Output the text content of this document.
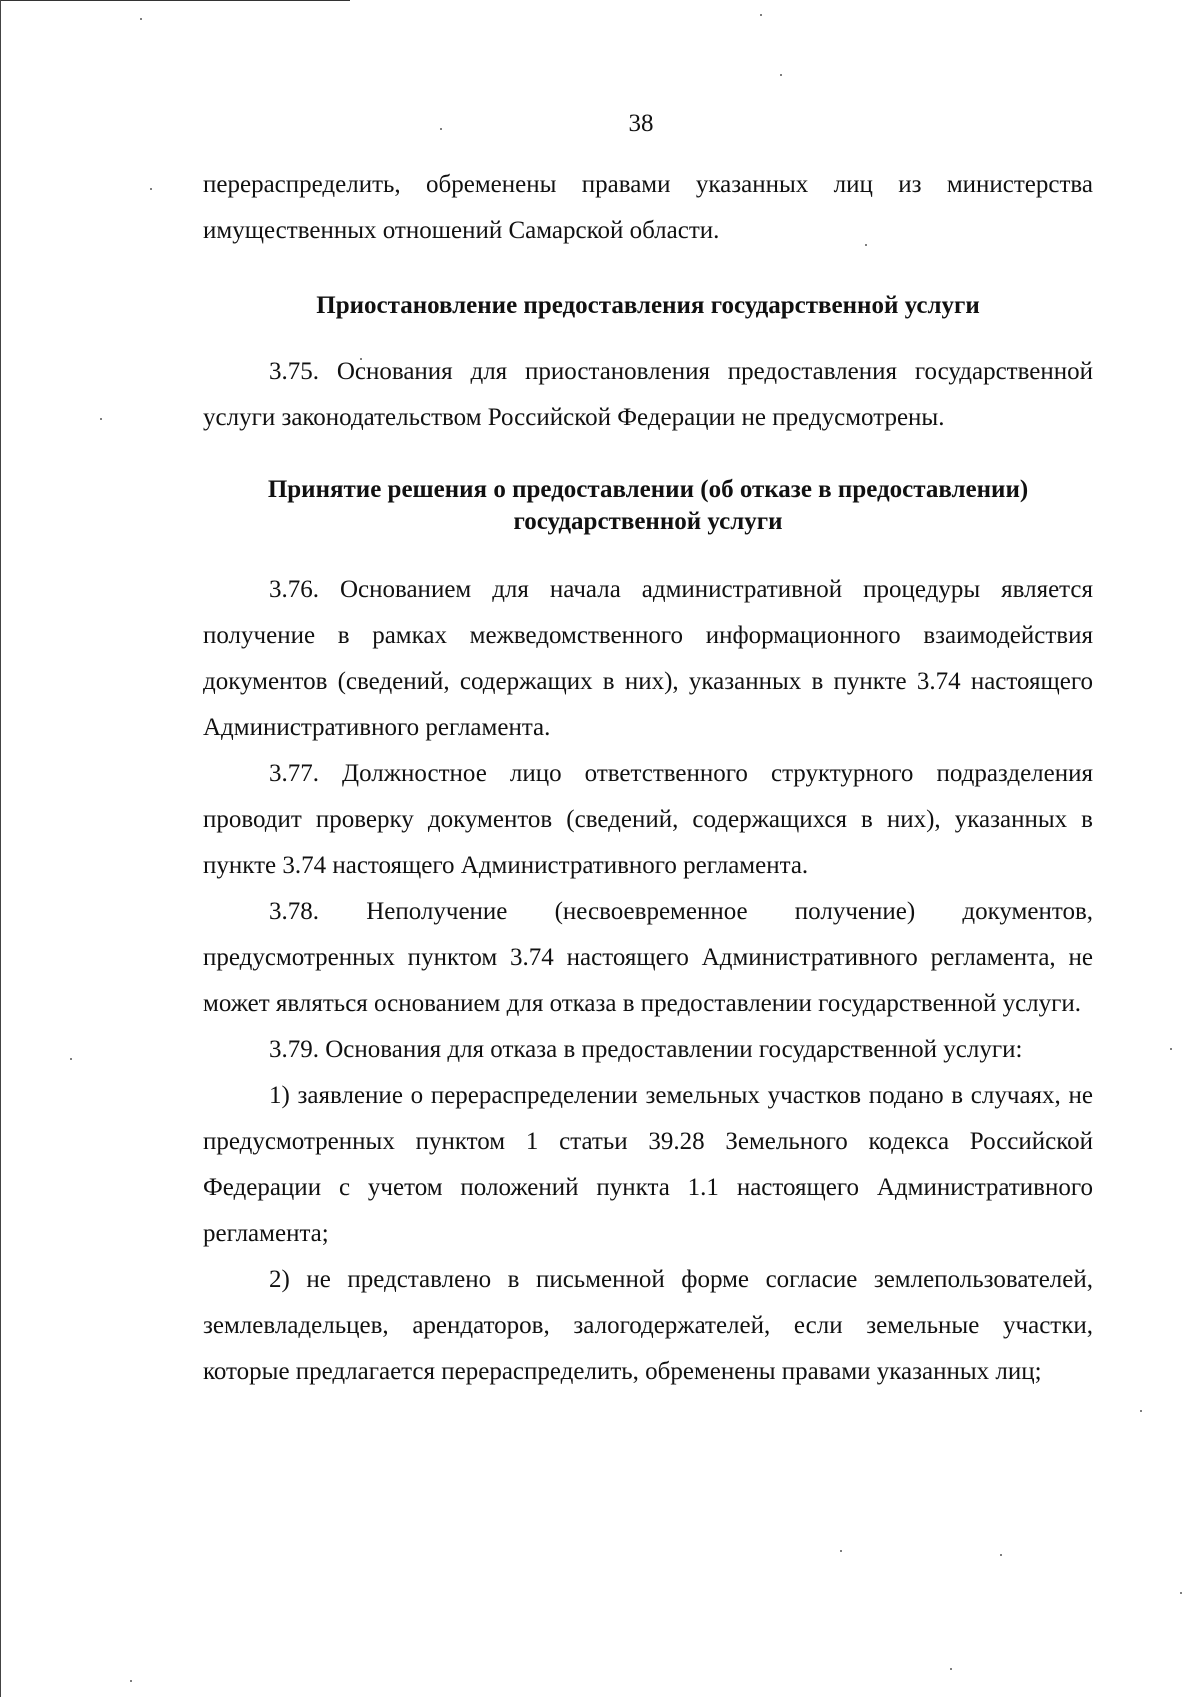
38

перераспределить, обременены правами указанных лиц из министерства

имущественных отношений Самарской области.

Приостановление предоставления государственной услуги

3.75. Основания для приостановления предоставления государственной услуги законодательством Российской Федерации не предусмотрены.

Принятие решения о предоставлении (об отказе в предоставлении)
государственной услуги

3.76. Основанием для начала административной процедуры является получение в рамках межведомственного информационного взаимодействия документов (сведений, содержащих в них), указанных в пункте 3.74 настоящего Административного регламента.

3.77. Должностное лицо ответственного структурного подразделения проводит проверку документов (сведений, содержащихся в них), указанных в пункте 3.74 настоящего Административного регламента.

3.78. Неполучение (несвоевременное получение) документов, предусмотренных пунктом 3.74 настоящего Административного регламента, не может являться основанием для отказа в предоставлении государственной услуги.

3.79. Основания для отказа в предоставлении государственной услуги:

1) заявление о перераспределении земельных участков подано в случаях, не предусмотренных пунктом 1 статьи 39.28 Земельного кодекса Российской Федерации с учетом положений пункта 1.1 настоящего Административного регламента;

2) не представлено в письменной форме согласие землепользователей, землевладельцев, арендаторов, залогодержателей, если земельные участки, которые предлагается перераспределить, обременены правами указанных лиц;
